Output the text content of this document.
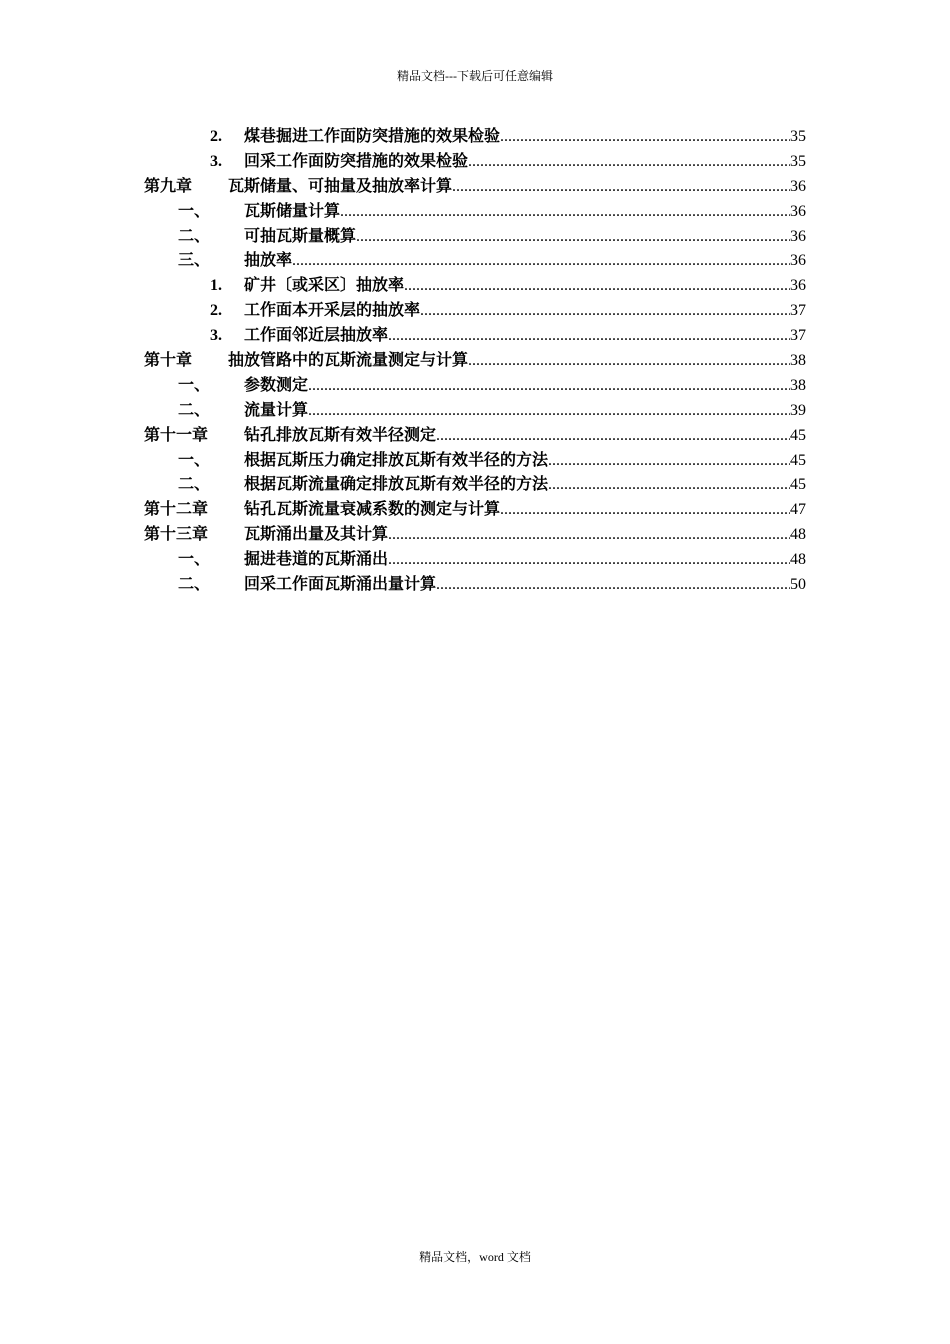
精品文档---下载后可任意编辑
2. 煤巷掘进工作面防突措施的效果检验 .....	35
3. 回采工作面防突措施的效果检验 .....	35
第九章 瓦斯储量、可抽量及抽放率计算 .....	36
一、 瓦斯储量计算 .....	36
二、 可抽瓦斯量概算 .....	36
三、 抽放率 .....	36
1. 矿井〔或采区〕抽放率 .....	36
2. 工作面本开采层的抽放率 .....	37
3. 工作面邻近层抽放率 .....	37
第十章 抽放管路中的瓦斯流量测定与计算 .....	38
一、 参数测定 .....	38
二、 流量计算 .....	39
第十一章 钻孔排放瓦斯有效半径测定 .....	45
一、 根据瓦斯压力确定排放瓦斯有效半径的方法 .....	45
二、 根据瓦斯流量确定排放瓦斯有效半径的方法 .....	45
第十二章 钻孔瓦斯流量衰减系数的测定与计算 .....	47
第十三章 瓦斯涌出量及其计算 .....	48
一、 掘进巷道的瓦斯涌出 .....	48
二、 回采工作面瓦斯涌出量计算 .....	50
精品文档，word 文档
